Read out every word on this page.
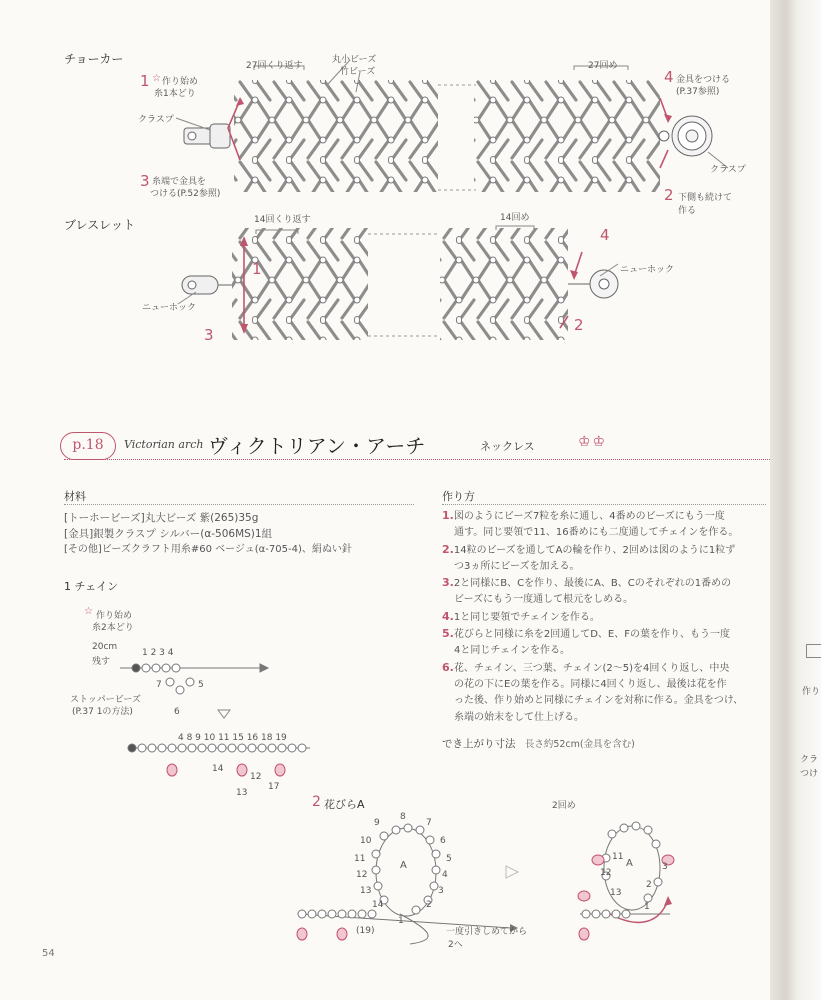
チョーカー	27回くり返す
丸小ビーズ
竹ビーズ
1 ☆ 作り始め
糸1本どり
クラスプ
3 糸端で金具を
つける(P.52参照)
27回め
4 金具をつける
(P.37参照)
クラスプ
2 下側も続けて
作る
ブレスレット	14回くり返す	14回め
1
2
3
4
ニューホック
ニューホック
p.18	Victorian arch ヴィクトリアン・アーチ	ネックレス	♔♔
材料
[トーホービーズ]丸大ビーズ 紫(265)35g
[金具]銀製クラスプ シルバー(α-506MS)1組
[その他]ビーズクラフト用糸#60 ベージュ(α-705-4)、絹ぬい針
1 チェイン
☆ 作り始め
糸2本どり
20cm
残す
1 2 3 4
5
6
7
ストッパービーズ
(P.37 1の方法)
4 8 9 10 11 15 16 18 19
14
12
13
17
2 花びらA	2回め
9
8
7
10	6
11	5
12	4
13	3
14	2
1
A
(19)	一度引きしめてから
2へ
A
11
12
13
2
3
1
作り方
1.図のようにビーズ7粒を糸に通し、4番めのビーズにもう一度
通す。同じ要領で11、16番めにも二度通してチェインを作る。
2.14粒のビーズを通してAの輪を作り、2回めは図のように1粒ず
つ3ヵ所にビーズを加える。
3.2と同様にB、Cを作り、最後にA、B、Cのそれぞれの1番めの
ビーズにもう一度通して根元をしめる。
4.1と同じ要領でチェインを作る。
5.花びらと同様に糸を2回通してD、E、Fの葉を作り、もう一度
4と同じチェインを作る。
6.花、チェイン、三つ葉、チェイン(2～5)を4回くり返し、中央
の花の下にEの葉を作る。同様に4回くり返し、最後は花を作
った後、作り始めと同様にチェインを対称に作る。金具をつけ、
糸端の始末をして仕上げる。
でき上がり寸法 長さ約52cm(金具を含む)
54
作り
クラ
つけ
